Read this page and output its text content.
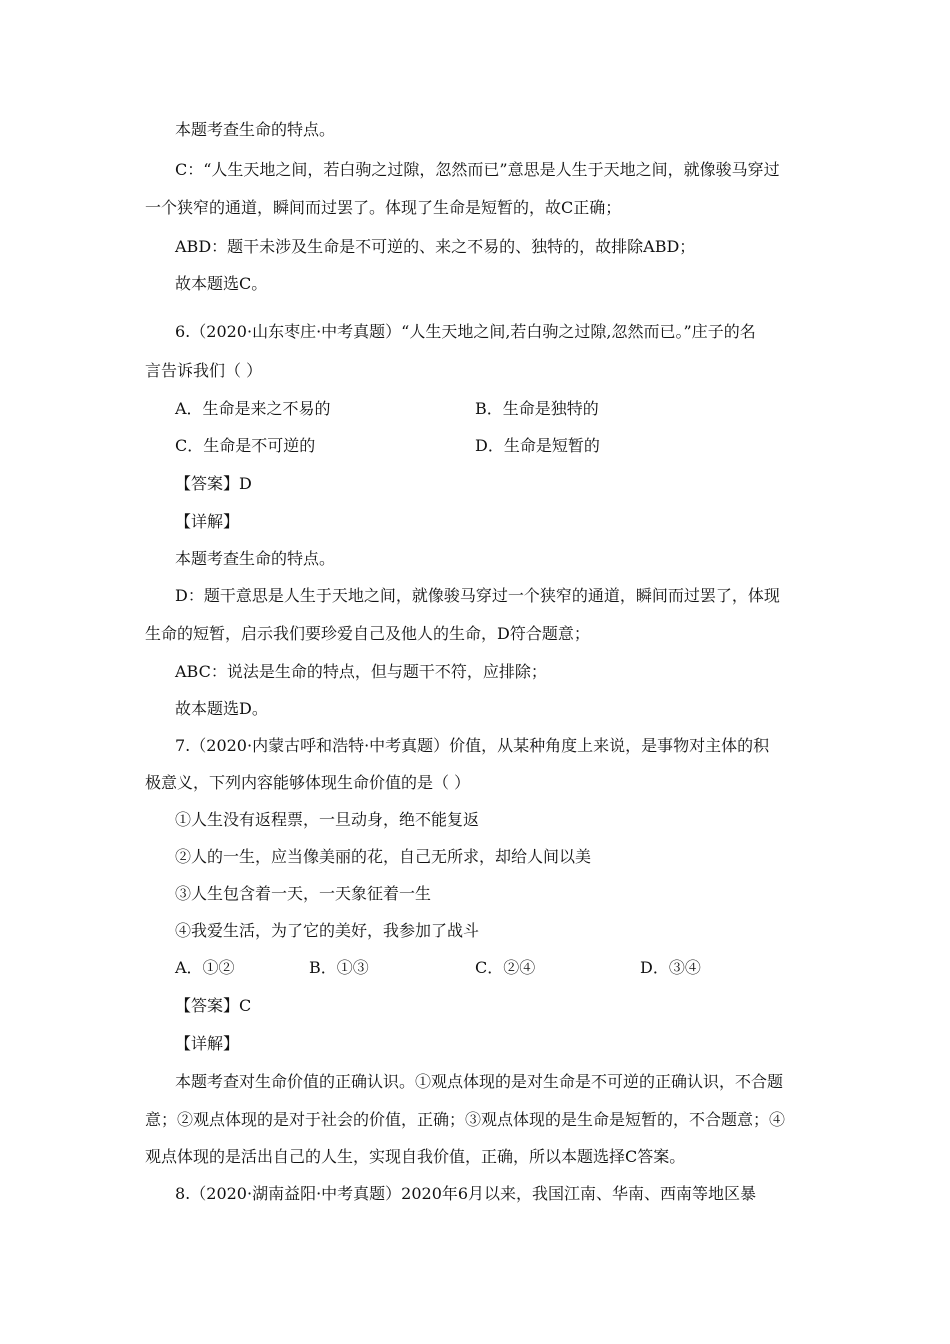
本题考查生命的特点。
C：“人生天地之间，若白驹之过隙，忽然而已”意思是人生于天地之间，就像骏马穿过
一个狭窄的通道，瞬间而过罢了。体现了生命是短暂的，故C正确；
ABD：题干未涉及生命是不可逆的、来之不易的、独特的，故排除ABD；
故本题选C。
6.（2020·山东枣庄·中考真题）“人生天地之间,若白驹之过隙,忽然而已。”庄子的名
言告诉我们（ ）
A．生命是来之不易的	B．生命是独特的
C．生命是不可逆的	D．生命是短暂的
【答案】D
【详解】
本题考查生命的特点。
D：题干意思是人生于天地之间，就像骏马穿过一个狭窄的通道，瞬间而过罢了，体现
生命的短暂，启示我们要珍爱自己及他人的生命，D符合题意；
ABC：说法是生命的特点，但与题干不符，应排除；
故本题选D。
7.（2020·内蒙古呼和浩特·中考真题）价值，从某种角度上来说，是事物对主体的积
极意义，下列内容能够体现生命价值的是（ ）
①人生没有返程票，一旦动身，绝不能复返
②人的一生，应当像美丽的花，自己无所求，却给人间以美
③人生包含着一天，一天象征着一生
④我爱生活，为了它的美好，我参加了战斗
A．①②	B．①③	C．②④	D．③④
【答案】C
【详解】
本题考查对生命价值的正确认识。①观点体现的是对生命是不可逆的正确认识，不合题
意；②观点体现的是对于社会的价值，正确；③观点体现的是生命是短暂的，不合题意；④
观点体现的是活出自己的人生，实现自我价值，正确，所以本题选择C答案。
8.（2020·湖南益阳·中考真题）2020年6月以来，我国江南、华南、西南等地区暴
